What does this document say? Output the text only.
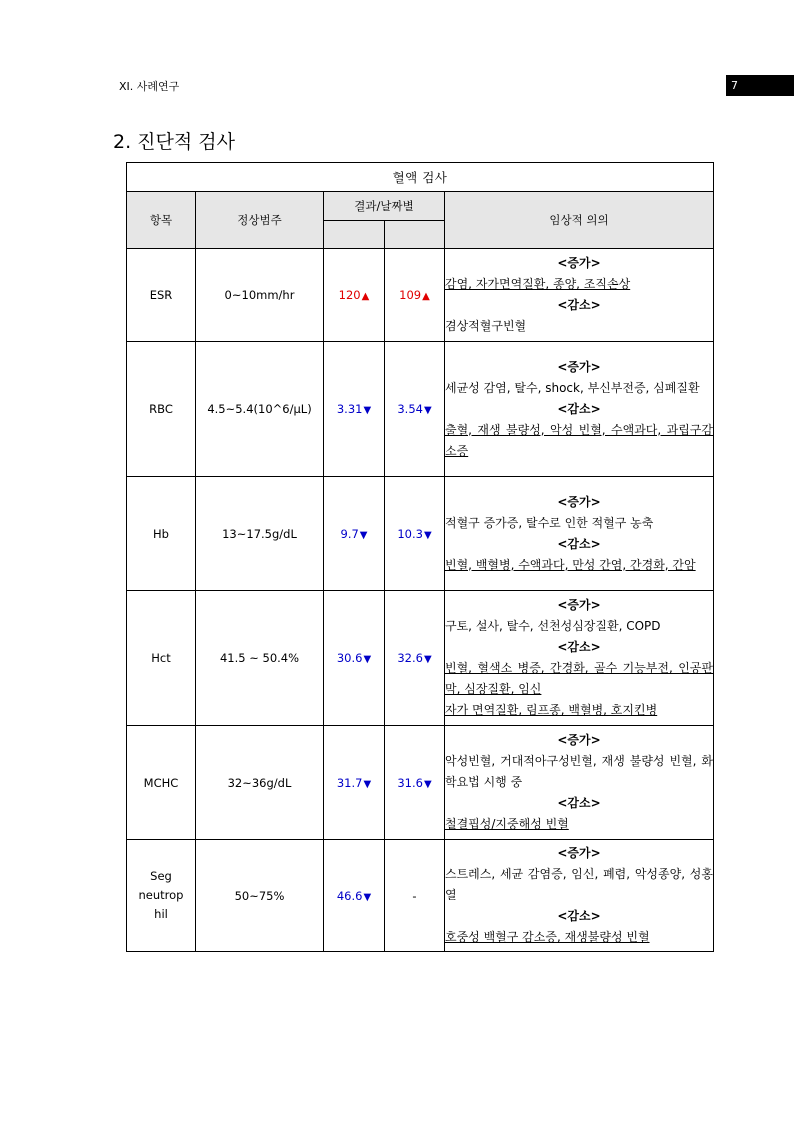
XI. 사례연구	7
2. 진단적 검사
혈액 검사				
항목	정상범주	결과/날짜별		임상적 의의

ESR	0~10mm/hr	120▲	109▲	<증가>
감염, 자가면역질환, 종양, 조직손상
<감소>
겸상적혈구빈혈

RBC	4.5~5.4(10^6/μL)	3.31▼	3.54▼	<증가>
세균성 감염, 탈수, shock, 부신부전증, 심폐질환
<감소>
출혈, 재생 불량성, 악성 빈혈, 수액과다, 과립구감소증

Hb	13~17.5g/dL	9.7▼	10.3▼	<증가>
적혈구 증가증, 탈수로 인한 적혈구 농축
<감소>
빈혈, 백혈병, 수액과다, 만성 간염, 간경화, 간암

Hct	41.5 ~ 50.4%	30.6▼	32.6▼	<증가>
구토, 설사, 탈수, 선천성심장질환, COPD
<감소>
빈혈, 혈색소 병증, 간경화, 골수 기능부전, 인공판막, 심장질환, 임신
자가 면역질환, 림프종, 백혈병, 호지킨병

MCHC	32~36g/dL	31.7▼	31.6▼	<증가>
악성빈혈, 거대적아구성빈혈, 재생 불량성 빈혈, 화학요법 시행 중
<감소>
철결핍성/지중해성 빈혈

Seg
neutrop
hil	50~75%	46.6▼	-	<증가>
스트레스, 세균 감염증, 임신, 폐렴, 악성종양, 성홍열
<감소>
호중성 백혈구 감소증, 재생불량성 빈혈
